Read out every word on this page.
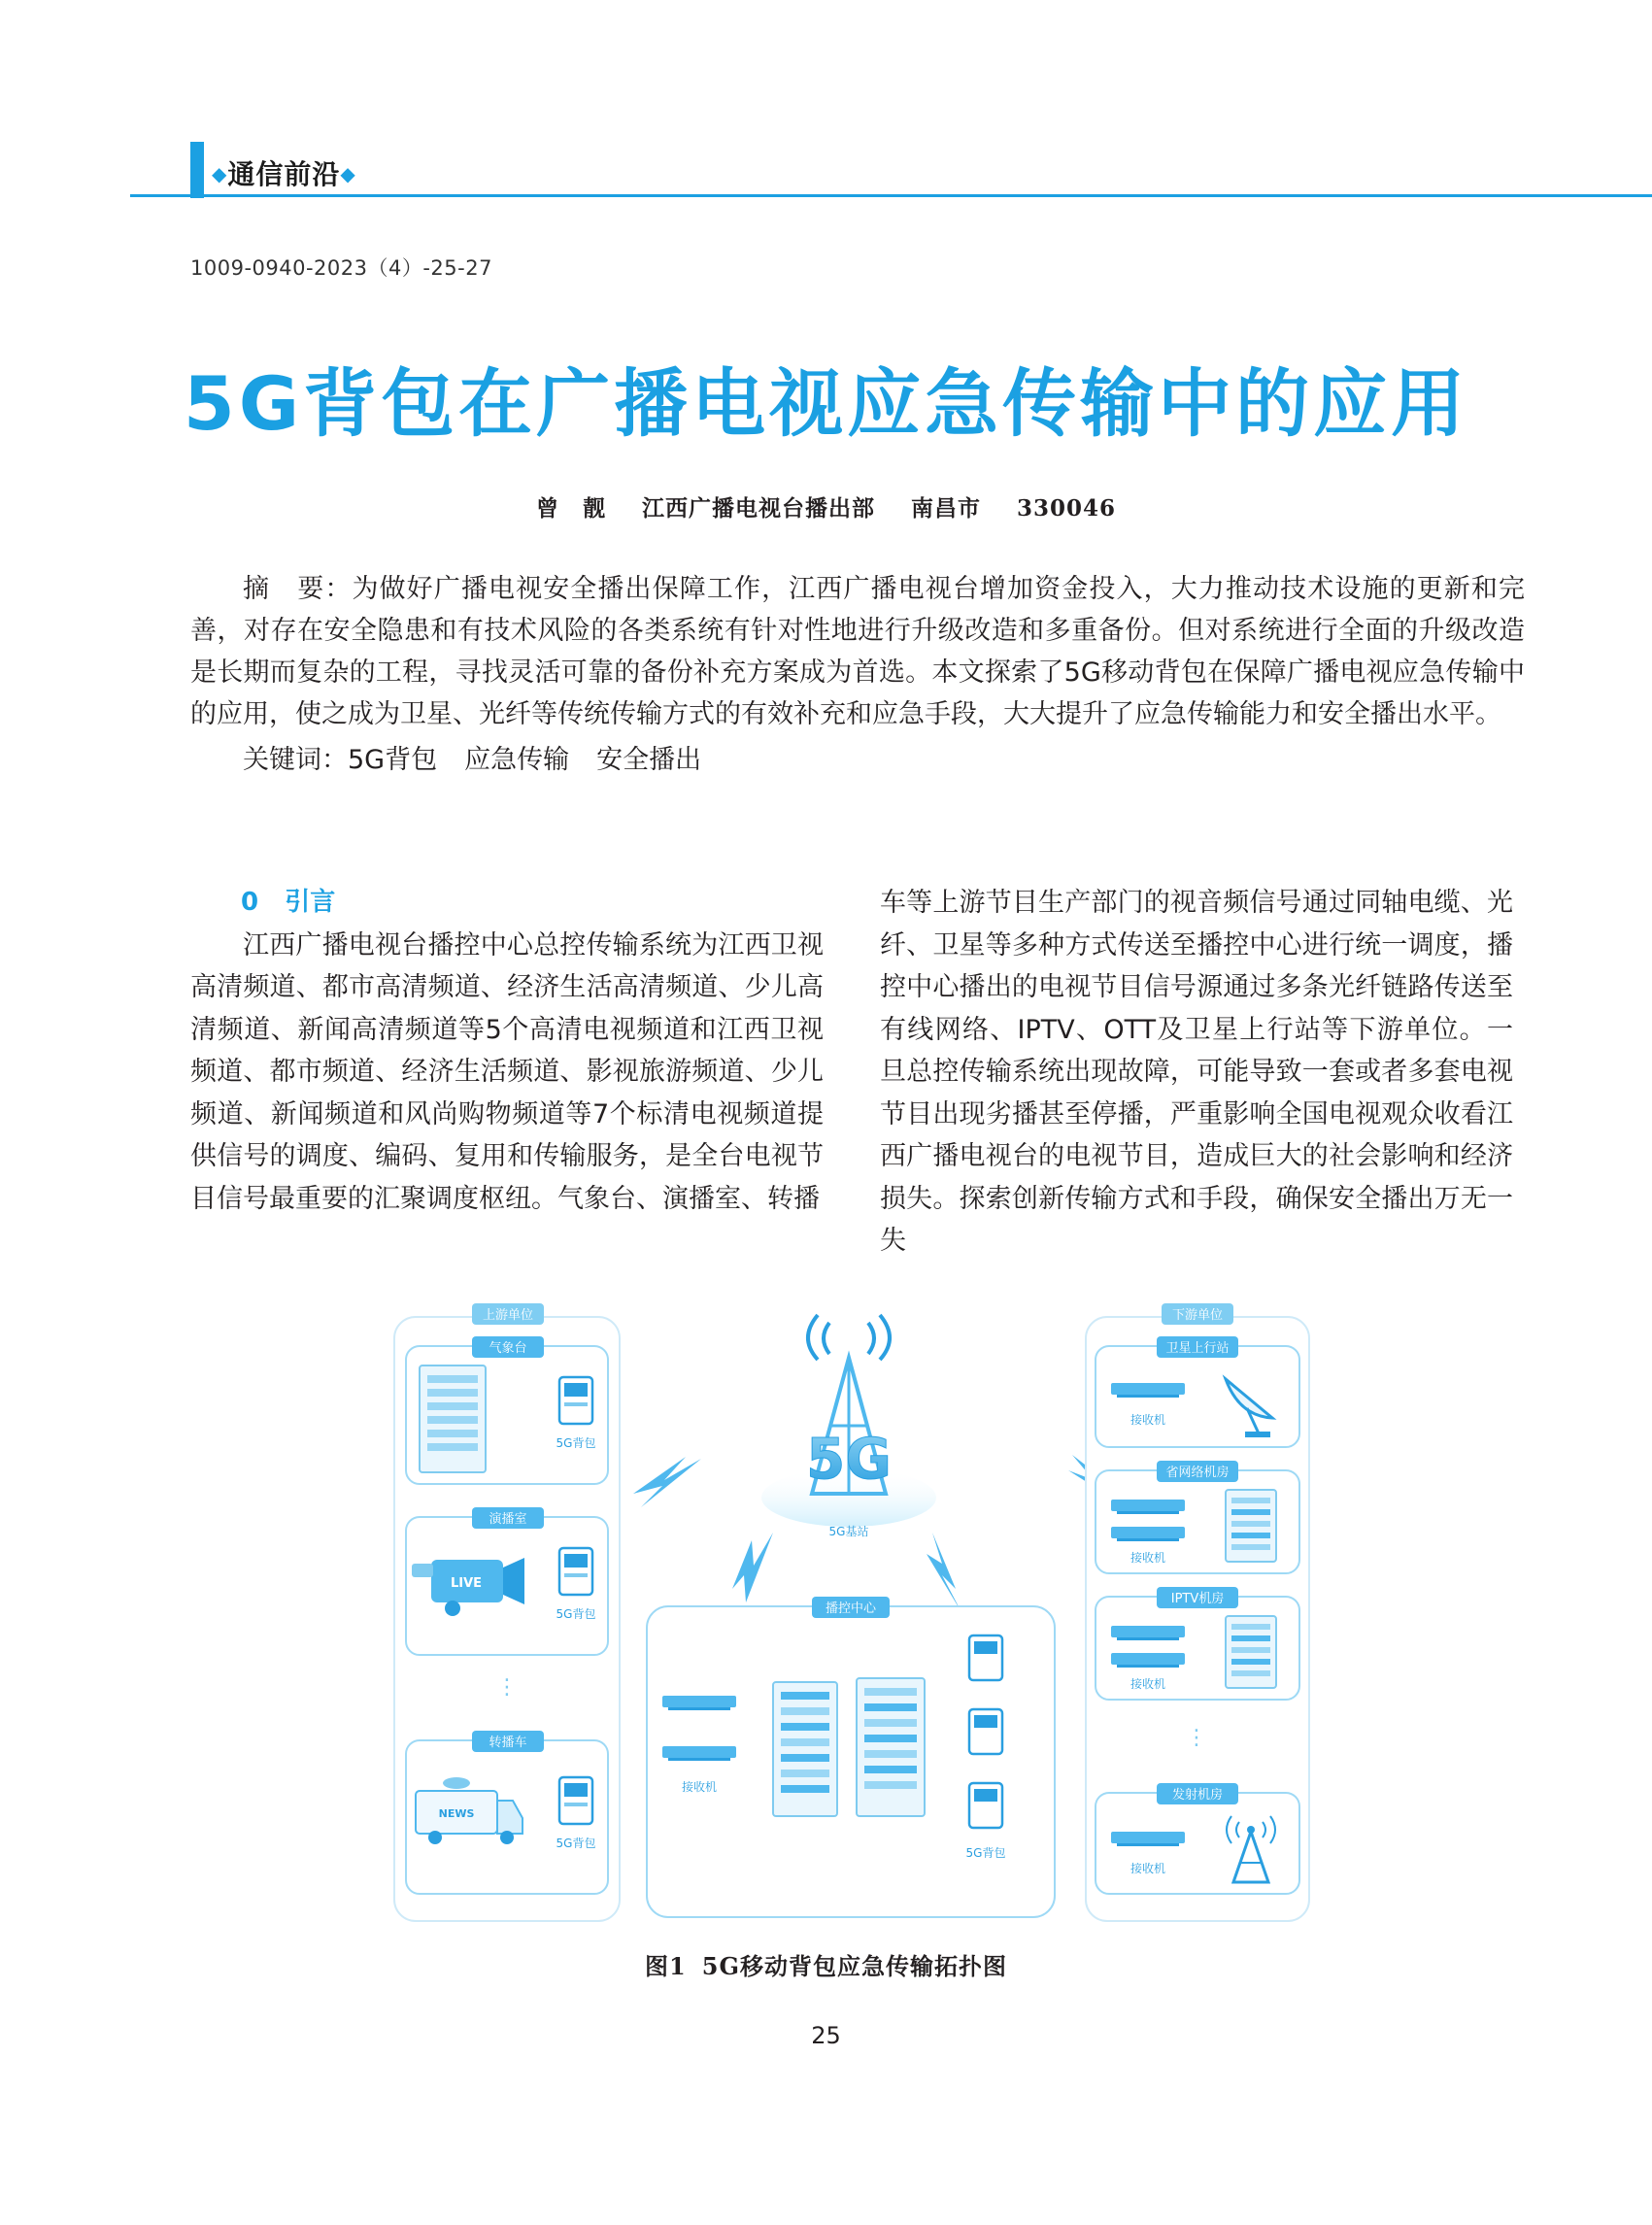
◆通信前沿◆
1009-0940-2023（4）-25-27
5G背包在广播电视应急传输中的应用
曾　靓 江西广播电视台播出部 南昌市 330046
摘　要：为做好广播电视安全播出保障工作，江西广播电视台增加资金投入，大力推动技术设施的更新和完善，对存在安全隐患和有技术风险的各类系统有针对性地进行升级改造和多重备份。但对系统进行全面的升级改造是长期而复杂的工程，寻找灵活可靠的备份补充方案成为首选。本文探索了5G移动背包在保障广播电视应急传输中的应用，使之成为卫星、光纤等传统传输方式的有效补充和应急手段，大大提升了应急传输能力和安全播出水平。
关键词：5G背包 应急传输 安全播出
0 引言
江西广播电视台播控中心总控传输系统为江西卫视高清频道、都市高清频道、经济生活高清频道、少儿高清频道、新闻高清频道等5个高清电视频道和江西卫视频道、都市频道、经济生活频道、影视旅游频道、少儿频道、新闻频道和风尚购物频道等7个标清电视频道提供信号的调度、编码、复用和传输服务，是全台电视节目信号最重要的汇聚调度枢纽。气象台、演播室、转播
车等上游节目生产部门的视音频信号通过同轴电缆、光纤、卫星等多种方式传送至播控中心进行统一调度，播控中心播出的电视节目信号源通过多条光纤链路传送至有线网络、IPTV、OTT及卫星上行站等下游单位。一旦总控传输系统出现故障，可能导致一套或者多套电视节目出现劣播甚至停播，严重影响全国电视观众收看江西广播电视台的电视节目，造成巨大的社会影响和经济损失。探索创新传输方式和手段，确保安全播出万无一失
上游单位
气象台
5G背包
演播室
LIVE
5G背包
⋮
转播车
NEWS
5G背包
5G
5G基站
播控中心
接收机
5G背包
下游单位
卫星上行站
接收机
省网络机房
接收机
IPTV机房
接收机
⋮
发射机房
接收机
图1 5G移动背包应急传输拓扑图
25
